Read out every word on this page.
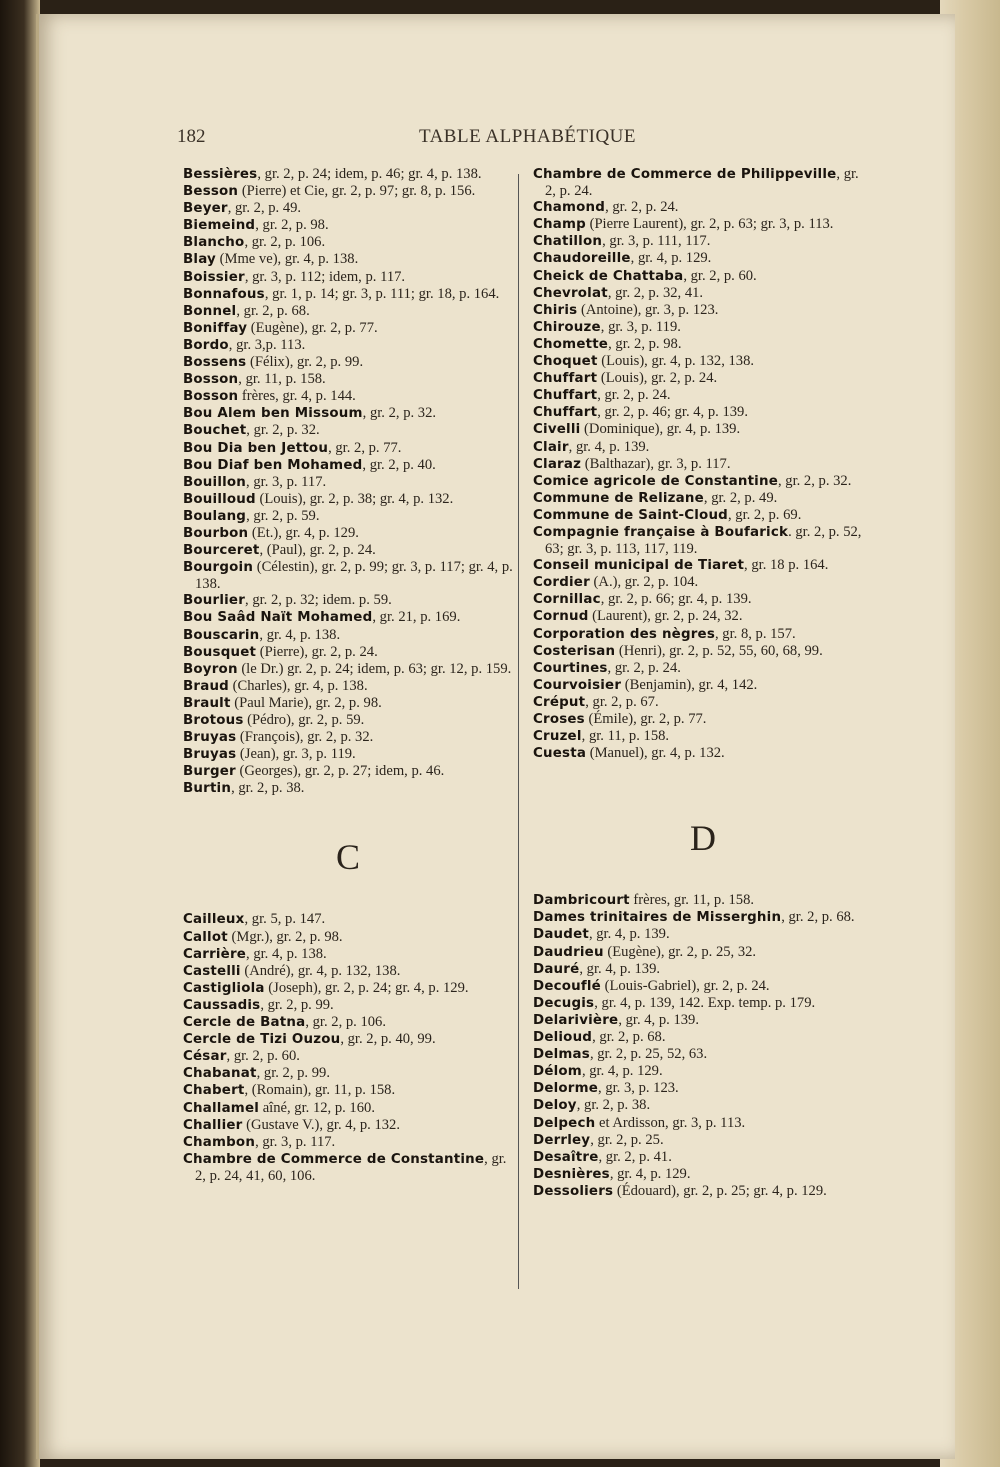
182	TABLE ALPHABÉTIQUE

Bessières, gr. 2, p. 24; idem, p. 46; gr. 4, p. 138.

Besson (Pierre) et Cie, gr. 2, p. 97; gr. 8, p. 156.

Beyer, gr. 2, p. 49.

Biemeind, gr. 2, p. 98.

Blancho, gr. 2, p. 106.

Blay (Mme ve), gr. 4, p. 138.

Boissier, gr. 3, p. 112; idem, p. 117.

Bonnafous, gr. 1, p. 14; gr. 3, p. 111; gr. 18, p. 164.

Bonnel, gr. 2, p. 68.

Boniffay (Eugène), gr. 2, p. 77.

Bordo, gr. 3,p. 113.

Bossens (Félix), gr. 2, p. 99.

Bosson, gr. 11, p. 158.

Bosson frères, gr. 4, p. 144.

Bou Alem ben Missoum, gr. 2, p. 32.

Bouchet, gr. 2, p. 32.

Bou Dia ben Jettou, gr. 2, p. 77.

Bou Diaf ben Mohamed, gr. 2, p. 40.

Bouillon, gr. 3, p. 117.

Bouilloud (Louis), gr. 2, p. 38; gr. 4, p. 132.

Boulang, gr. 2, p. 59.

Bourbon (Et.), gr. 4, p. 129.

Bourceret, (Paul), gr. 2, p. 24.

Bourgoin (Célestin), gr. 2, p. 99; gr. 3, p. 117; gr. 4, p. 138.

Bourlier, gr. 2, p. 32; idem. p. 59.

Bou Saâd Naït Mohamed, gr. 21, p. 169.

Bouscarin, gr. 4, p. 138.

Bousquet (Pierre), gr. 2, p. 24.

Boyron (le Dr.) gr. 2, p. 24; idem, p. 63; gr. 12, p. 159.

Braud (Charles), gr. 4, p. 138.

Brault (Paul Marie), gr. 2, p. 98.

Brotous (Pédro), gr. 2, p. 59.

Bruyas (François), gr. 2, p. 32.

Bruyas (Jean), gr. 3, p. 119.

Burger (Georges), gr. 2, p. 27; idem, p. 46.

Burtin, gr. 2, p. 38.

C

Cailleux, gr. 5, p. 147.

Callot (Mgr.), gr. 2, p. 98.

Carrière, gr. 4, p. 138.

Castelli (André), gr. 4, p. 132, 138.

Castigliola (Joseph), gr. 2, p. 24; gr. 4, p. 129.

Caussadis, gr. 2, p. 99.

Cercle de Batna, gr. 2, p. 106.

Cercle de Tizi Ouzou, gr. 2, p. 40, 99.

César, gr. 2, p. 60.

Chabanat, gr. 2, p. 99.

Chabert, (Romain), gr. 11, p. 158.

Challamel aîné, gr. 12, p. 160.

Challier (Gustave V.), gr. 4, p. 132.

Chambon, gr. 3, p. 117.

Chambre de Commerce de Constantine, gr. 2, p. 24, 41, 60, 106.

Chambre de Commerce de Philippeville, gr. 2, p. 24.

Chamond, gr. 2, p. 24.

Champ (Pierre Laurent), gr. 2, p. 63; gr. 3, p. 113.

Chatillon, gr. 3, p. 111, 117.

Chaudoreille, gr. 4, p. 129.

Cheick de Chattaba, gr. 2, p. 60.

Chevrolat, gr. 2, p. 32, 41.

Chiris (Antoine), gr. 3, p. 123.

Chirouze, gr. 3, p. 119.

Chomette, gr. 2, p. 98.

Choquet (Louis), gr. 4, p. 132, 138.

Chuffart (Louis), gr. 2, p. 24.

Chuffart, gr. 2, p. 24.

Chuffart, gr. 2, p. 46; gr. 4, p. 139.

Civelli (Dominique), gr. 4, p. 139.

Clair, gr. 4, p. 139.

Claraz (Balthazar), gr. 3, p. 117.

Comice agricole de Constantine, gr. 2, p. 32.

Commune de Relizane, gr. 2, p. 49.

Commune de Saint-Cloud, gr. 2, p. 69.

Compagnie française à Boufarick. gr. 2, p. 52, 63; gr. 3, p. 113, 117, 119.

Conseil municipal de Tiaret, gr. 18 p. 164.

Cordier (A.), gr. 2, p. 104.

Cornillac, gr. 2, p. 66; gr. 4, p. 139.

Cornud (Laurent), gr. 2, p. 24, 32.

Corporation des nègres, gr. 8, p. 157.

Costerisan (Henri), gr. 2, p. 52, 55, 60, 68, 99.

Courtines, gr. 2, p. 24.

Courvoisier (Benjamin), gr. 4, 142.

Créput, gr. 2, p. 67.

Croses (Émile), gr. 2, p. 77.

Cruzel, gr. 11, p. 158.

Cuesta (Manuel), gr. 4, p. 132.

D

Dambricourt frères, gr. 11, p. 158.

Dames trinitaires de Misserghin, gr. 2, p. 68.

Daudet, gr. 4, p. 139.

Daudrieu (Eugène), gr. 2, p. 25, 32.

Dauré, gr. 4, p. 139.

Decouflé (Louis-Gabriel), gr. 2, p. 24.

Decugis, gr. 4, p. 139, 142. Exp. temp. p. 179.

Delarivière, gr. 4, p. 139.

Delioud, gr. 2, p. 68.

Delmas, gr. 2, p. 25, 52, 63.

Délom, gr. 4, p. 129.

Delorme, gr. 3, p. 123.

Deloy, gr. 2, p. 38.

Delpech et Ardisson, gr. 3, p. 113.

Derrley, gr. 2, p. 25.

Desaître, gr. 2, p. 41.

Desnières, gr. 4, p. 129.

Dessoliers (Édouard), gr. 2, p. 25; gr. 4, p. 129.
